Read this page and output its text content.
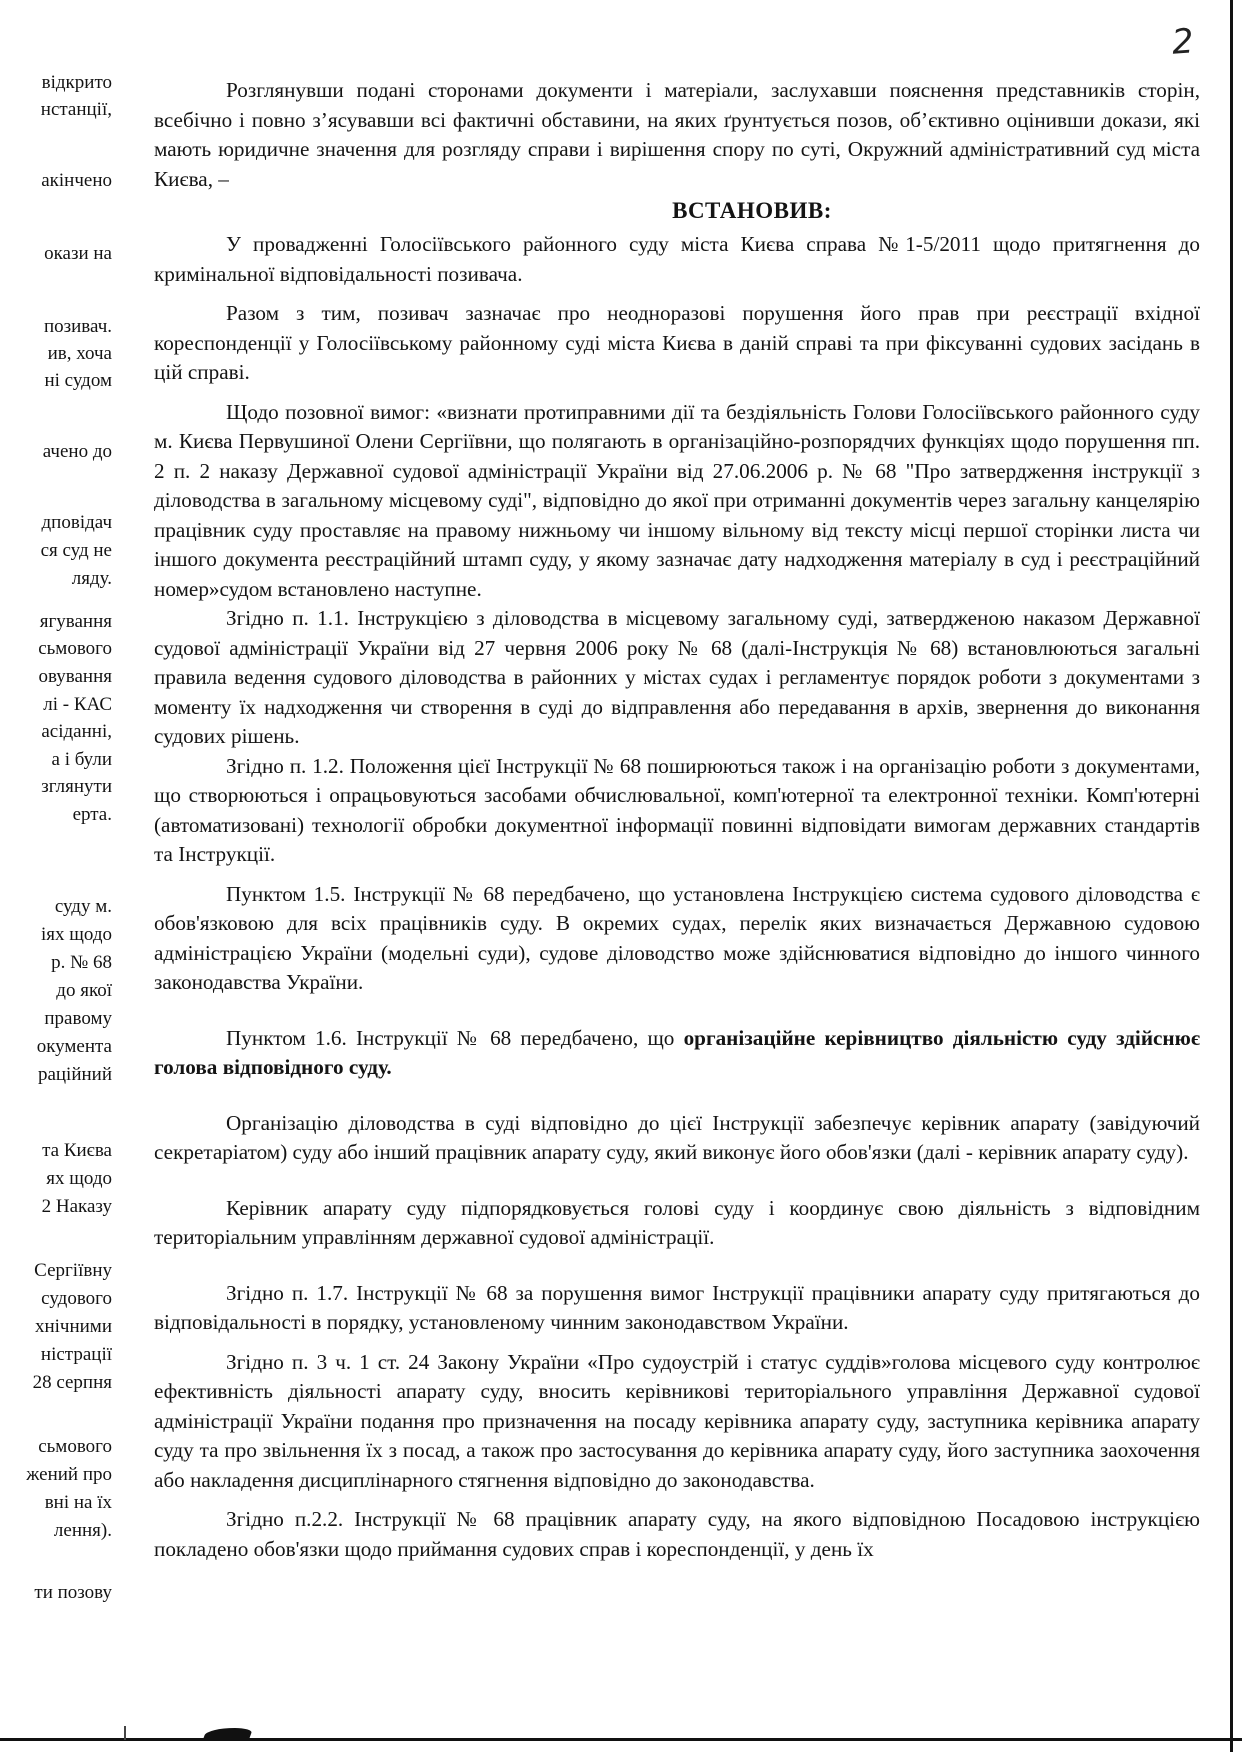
2
відкрито
нстанції,
акінчено
окази на
позивач.
ив, хоча
ні судом
ачено до
дповідач
ся суд не
ляду.
ягування
сьмового
овування
лі - КАС
асіданні,
а і були
зглянути
ерта.
суду м.
іях щодо
р. № 68
до якої
правому
окумента
раційний
та Києва
ях щодо
2 Наказу
Сергіївну
судового
хнічними
ністрації
28 серпня
сьмового
жений про
вні на їх
лення).
ти позову

Розглянувши подані сторонами документи і матеріали, заслухавши пояснення представників сторін, всебічно і повно з’ясувавши всі фактичні обставини, на яких ґрунтується позов, об’єктивно оцінивши докази, які мають юридичне значення для розгляду справи і вирішення спору по суті, Окружний адміністративний суд міста Києва, –

ВСТАНОВИВ:

У провадженні Голосіївського районного суду міста Києва справа №1-5/2011 щодо притягнення до кримінальної відповідальності позивача.

Разом з тим, позивач зазначає про неодноразові порушення його прав при реєстрації вхідної кореспонденції у Голосіївському районному суді міста Києва в даній справі та при фіксуванні судових засідань в цій справі.

Щодо позовної вимог: «визнати протиправними дії та бездіяльність Голови Голосіївського районного суду м. Києва Первушиної Олени Сергіївни, що полягають в організаційно-розпорядчих функціях щодо порушення пп. 2 п. 2 наказу Державної судової адміністрації України від 27.06.2006 р. № 68 "Про затвердження інструкції з діловодства в загальному місцевому суді", відповідно до якої при отриманні документів через загальну канцелярію працівник суду проставляє на правому нижньому чи іншому вільному від тексту місці першої сторінки листа чи іншого документа реєстраційний штамп суду, у якому зазначає дату надходження матеріалу в суд і реєстраційний номер»судом встановлено наступне.

Згідно п. 1.1. Інструкцією з діловодства в місцевому загальному суді, затвердженою наказом Державної судової адміністрації України від 27 червня 2006 року № 68 (далі-Інструкція № 68) встановлюються загальні правила ведення судового діловодства в районних у містах судах і регламентує порядок роботи з документами з моменту їх надходження чи створення в суді до відправлення або передавання в архів, звернення до виконання судових рішень.

Згідно п. 1.2. Положення цієї Інструкції № 68 поширюються також і на організацію роботи з документами, що створюються і опрацьовуються засобами обчислювальної, комп'ютерної та електронної техніки. Комп'ютерні (автоматизовані) технології обробки документної інформації повинні відповідати вимогам державних стандартів та Інструкції.

Пунктом 1.5. Інструкції № 68 передбачено, що установлена Інструкцією система судового діловодства є обов'язковою для всіх працівників суду. В окремих судах, перелік яких визначається Державною судовою адміністрацією України (модельні суди), судове діловодство може здійснюватися відповідно до іншого чинного законодавства України.

Пунктом 1.6. Інструкції № 68 передбачено, що організаційне керівництво діяльністю суду здійснює голова відповідного суду.

Організацію діловодства в суді відповідно до цієї Інструкції забезпечує керівник апарату (завідуючий секретаріатом) суду або інший працівник апарату суду, який виконує його обов'язки (далі - керівник апарату суду).

Керівник апарату суду підпорядковується голові суду і координує свою діяльність з відповідним територіальним управлінням державної судової адміністрації.

Згідно п. 1.7. Інструкції № 68 за порушення вимог Інструкції працівники апарату суду притягаються до відповідальності в порядку, установленому чинним законодавством України.

Згідно п. 3 ч. 1 ст. 24 Закону України «Про судоустрій і статус суддів»голова місцевого суду контролює ефективність діяльності апарату суду, вносить керівникові територіального управління Державної судової адміністрації України подання про призначення на посаду керівника апарату суду, заступника керівника апарату суду та про звільнення їх з посад, а також про застосування до керівника апарату суду, його заступника заохочення або накладення дисциплінарного стягнення відповідно до законодавства.

Згідно п.2.2. Інструкції № 68 працівник апарату суду, на якого відповідною Посадовою інструкцією покладено обов'язки щодо приймання судових справ і кореспонденції, у день їх
